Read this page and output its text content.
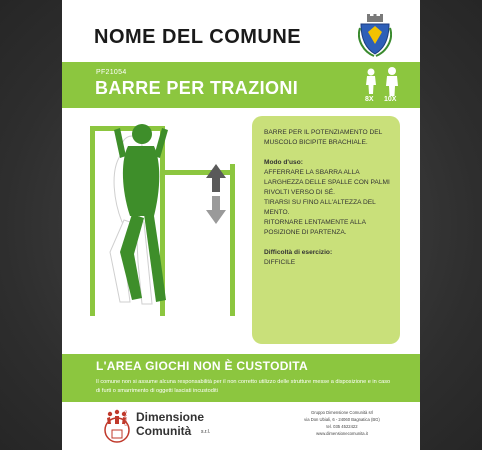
NOME DEL COMUNE
PF21054
BARRE PER TRAZIONI
8X 10X

BARRE PER IL POTENZIAMENTO DEL MUSCOLO BICIPITE BRACHIALE.

Modo d'uso:

AFFERRARE LA SBARRA ALLA LARGHEZZA DELLE SPALLE CON PALMI RIVOLTI VERSO DI SÉ.

TIRARSI SU FINO ALL'ALTEZZA DEL MENTO.

RITORNARE LENTAMENTE ALLA POSIZIONE DI PARTENZA.

Difficoltà di esercizio:

DIFFICILE

L'AREA GIOCHI NON È CUSTODITA
Il comune non si assume alcuna responsabilità per il non corretto utilizzo delle strutture messe a disposizione e in caso di furti o smarrimento di oggetti lasciati incustoditi
GRUPPO Dimensione
Comunità s.r.l.
Gruppo Dimensione Comunità srl
via Don Ubiali, 6 - 24060 Bagnatica (BG)
tel. 035 4522422
www.dimensionecomunita.it
